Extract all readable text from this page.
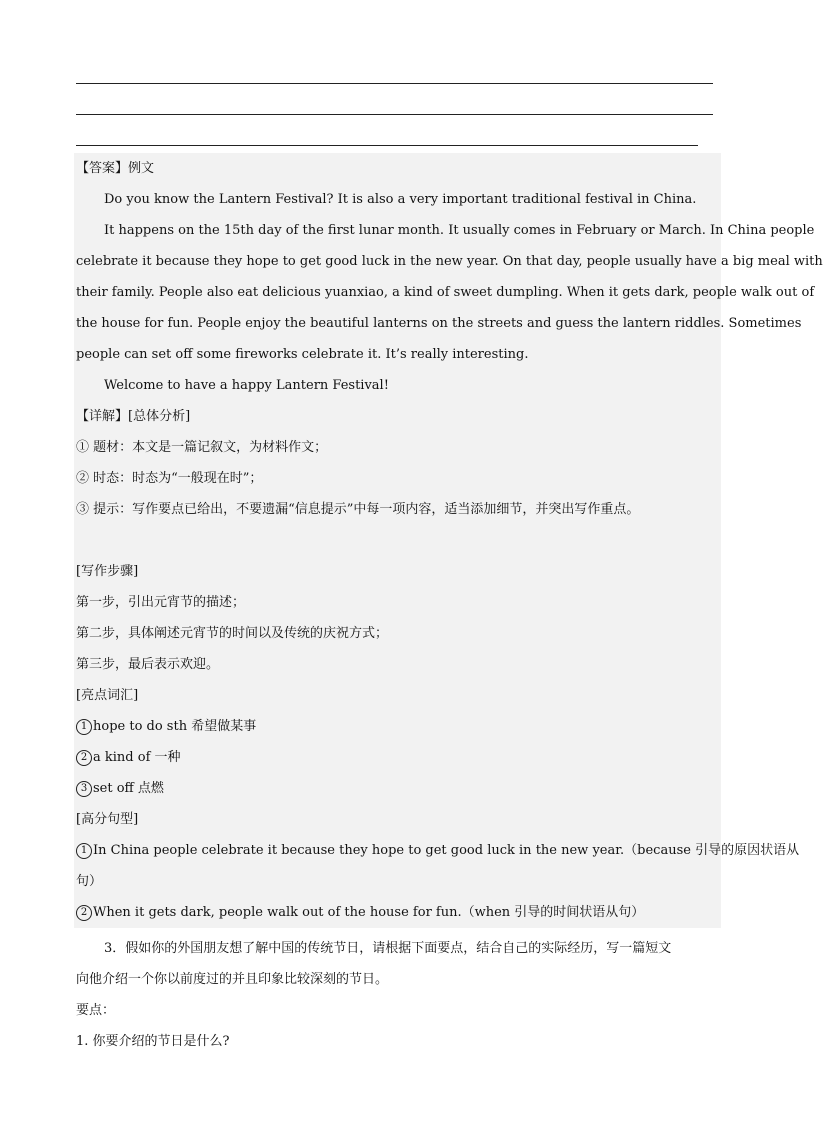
【答案】例文
Do you know the Lantern Festival? It is also a very important traditional festival in China.
It happens on the 15th day of the first lunar month. It usually comes in February or March. In China people
celebrate it because they hope to get good luck in the new year. On that day, people usually have a big meal with
their family. People also eat delicious yuanxiao, a kind of sweet dumpling. When it gets dark, people walk out of
the house for fun. People enjoy the beautiful lanterns on the streets and guess the lantern riddles. Sometimes
people can set off some fireworks celebrate it. It’s really interesting.
Welcome to have a happy Lantern Festival!
【详解】[总体分析]
① 题材：本文是一篇记叙文，为材料作文；
② 时态：时态为“一般现在时”；
③ 提示：写作要点已给出，不要遗漏“信息提示”中每一项内容，适当添加细节，并突出写作重点。
[写作步骤]
第一步，引出元宵节的描述；
第二步，具体阐述元宵节的时间以及传统的庆祝方式；
第三步，最后表示欢迎。
[亮点词汇]
1 hope to do sth 希望做某事
2 a kind of 一种
3 set off 点燃
[高分句型]
1 In China people celebrate it because they hope to get good luck in the new year.（because 引导的原因状语从
句）
2 When it gets dark, people walk out of the house for fun.（when 引导的时间状语从句）
3．假如你的外国朋友想了解中国的传统节日，请根据下面要点，结合自己的实际经历，写一篇短文
向他介绍一个你以前度过的并且印象比较深刻的节日。
要点：
1. 你要介绍的节日是什么?
